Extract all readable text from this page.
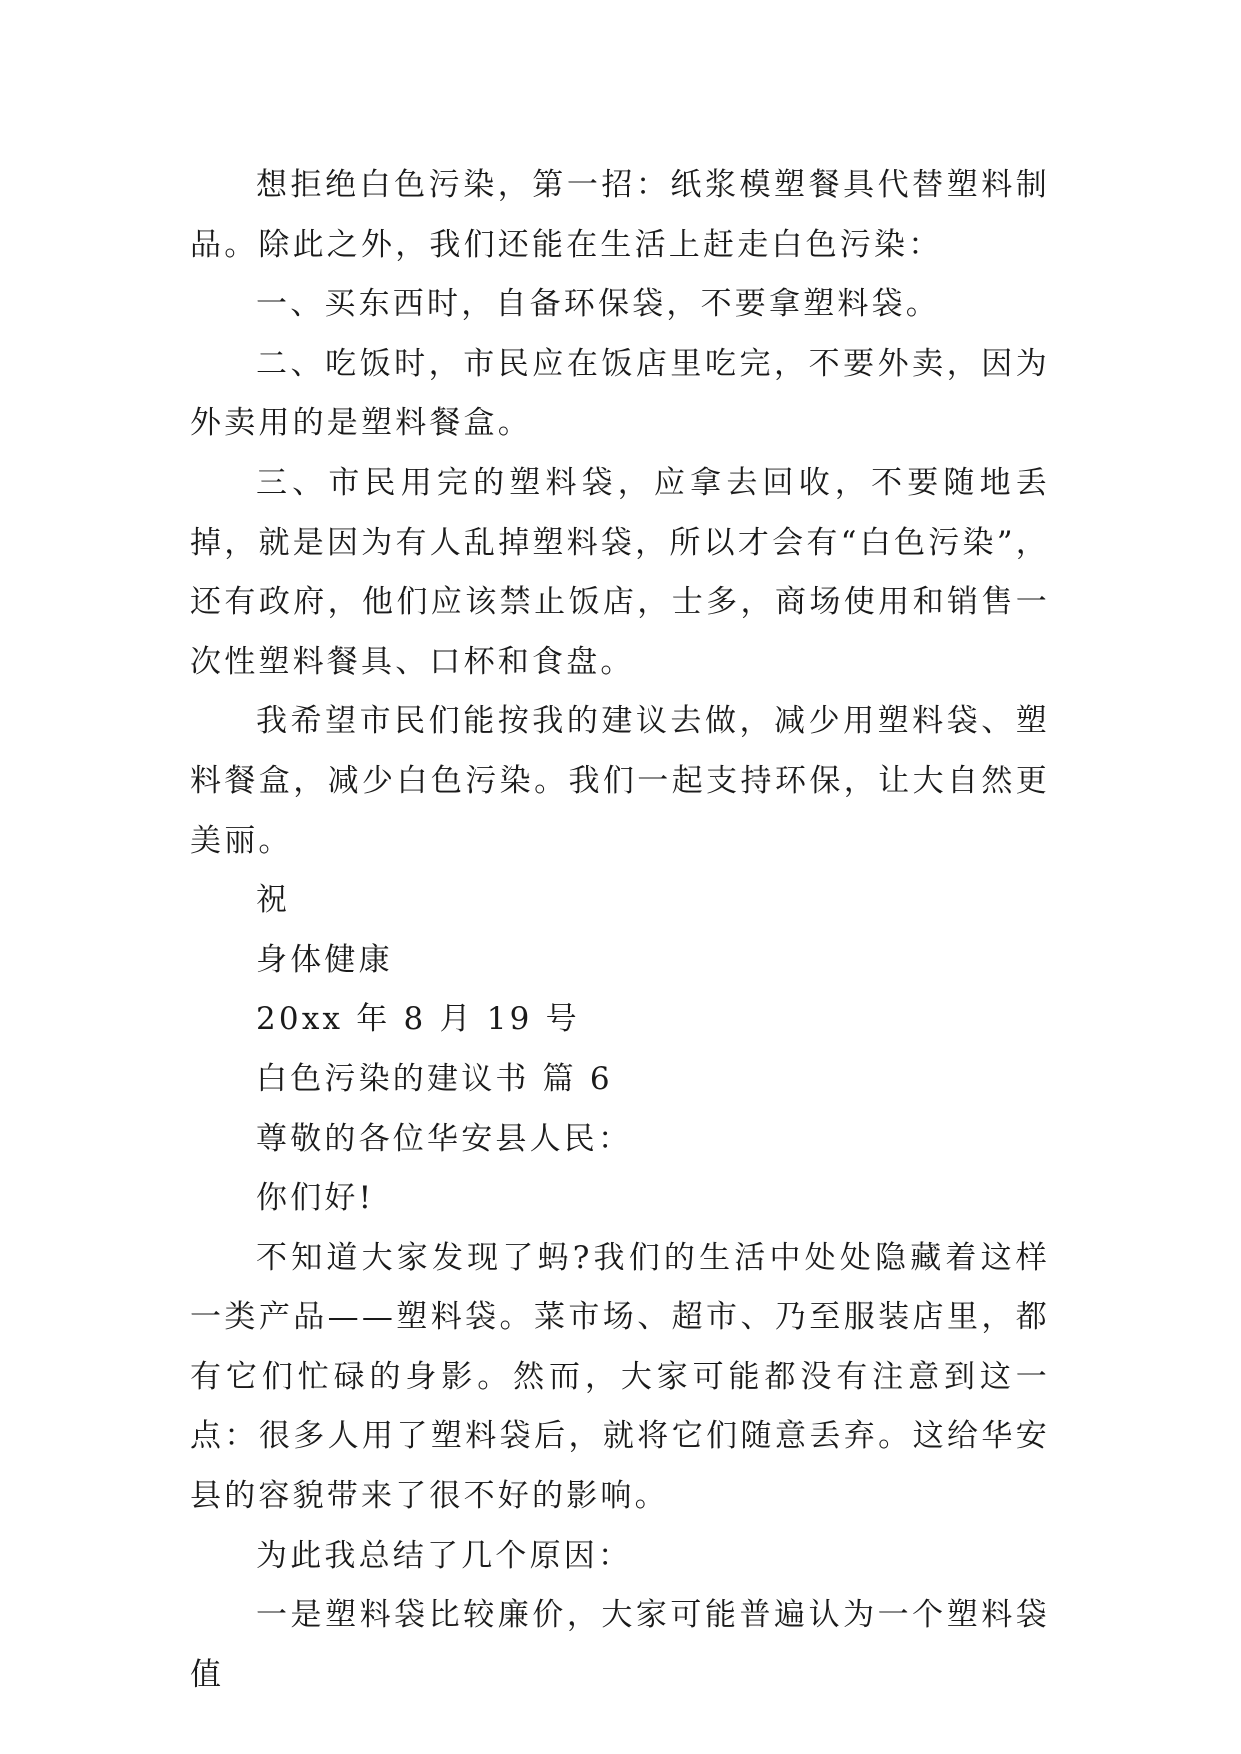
想拒绝白色污染，第一招：纸浆模塑餐具代替塑料制品。除此之外，我们还能在生活上赶走白色污染：

一、买东西时，自备环保袋，不要拿塑料袋。

二、吃饭时，市民应在饭店里吃完，不要外卖，因为外卖用的是塑料餐盒。

三、市民用完的塑料袋，应拿去回收，不要随地丢掉，就是因为有人乱掉塑料袋，所以才会有“白色污染”，还有政府，他们应该禁止饭店，士多，商场使用和销售一次性塑料餐具、口杯和食盘。

我希望市民们能按我的建议去做，减少用塑料袋、塑料餐盒，减少白色污染。我们一起支持环保，让大自然更美丽。

祝

身体健康

20xx 年 8 月 19 号

白色污染的建议书 篇 6

尊敬的各位华安县人民：

你们好!

不知道大家发现了蚂?我们的生活中处处隐藏着这样一类产品——塑料袋。菜市场、超市、乃至服装店里，都有它们忙碌的身影。然而，大家可能都没有注意到这一点：很多人用了塑料袋后，就将它们随意丢弃。这给华安县的容貌带来了很不好的影响。

为此我总结了几个原因：

一是塑料袋比较廉价，大家可能普遍认为一个塑料袋值
